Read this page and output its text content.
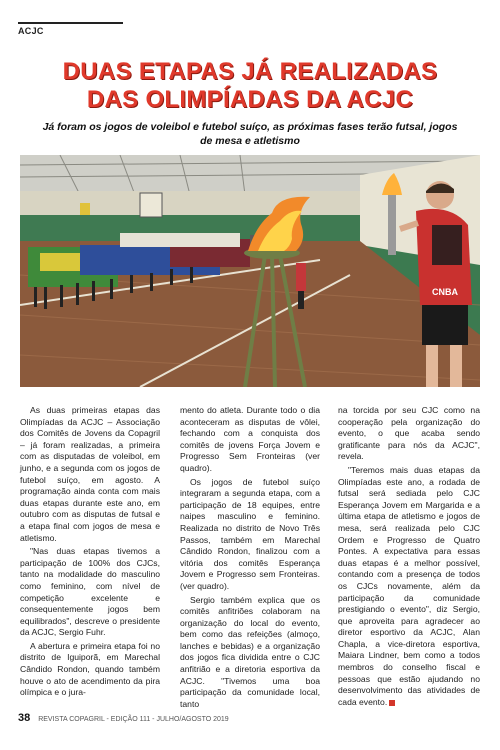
ACJC
DUAS ETAPAS JÁ REALIZADAS
DAS OLIMPÍADAS DA ACJC
Já foram os jogos de voleibol e futebol suíço, as próximas fases terão futsal, jogos de mesa e atletismo
CNBA

As duas primeiras etapas das Olimpíadas da ACJC – Associação dos Comitês de Jovens da Copagril – já foram realizadas, a primeira com as disputadas de voleibol, em junho, e a segunda com os jogos de futebol suíço, em agosto. A programação ainda conta com mais duas etapas durante este ano, em outubro com as disputas de futsal e a etapa final com jogos de mesa e atletismo.

"Nas duas etapas tivemos a participação de 100% dos CJCs, tanto na modalidade do masculino como feminino, com nível de competição excelente e consequentemente jogos bem equilibrados", descreve o presidente da ACJC, Sergio Fuhr.

A abertura e primeira etapa foi no distrito de Iguiporã, em Marechal Cândido Rondon, quando também houve o ato de acendimento da pira olímpica e o jura-

mento do atleta. Durante todo o dia aconteceram as disputas de vôlei, fechando com a conquista dos comitês de jovens Força Jovem e Progresso Sem Fronteiras (ver quadro).

Os jogos de futebol suíço integraram a segunda etapa, com a participação de 18 equipes, entre naipes masculino e feminino. Realizada no distrito de Novo Três Passos, também em Marechal Cândido Rondon, finalizou com a vitória dos comitês Esperança Jovem e Progresso sem Fronteiras. (ver quadro).

Sergio também explica que os comitês anfitriões colaboram na organização do local do evento, bem como das refeições (almoço, lanches e bebidas) e a organização dos jogos fica dividida entre o CJC anfitrião e a diretoria esportiva da ACJC. "Tivemos uma boa participação da comunidade local, tanto

na torcida por seu CJC como na cooperação pela organização do evento, o que acaba sendo gratificante para nós da ACJC", revela.

"Teremos mais duas etapas da Olimpíadas este ano, a rodada de futsal será sediada pelo CJC Esperança Jovem em Margarida e a última etapa de atletismo e jogos de mesa, será realizada pelo CJC Ordem e Progresso de Quatro Pontes. A expectativa para essas duas etapas é a melhor possível, contando com a presença de todos os CJCs novamente, além da participação da comunidade prestigiando o evento", diz Sergio, que aproveita para agradecer ao diretor esportivo da ACJC, Alan Chapla, a vice-diretora esportiva, Maiara Lindner, bem como a todos membros do conselho fiscal e pessoas que estão ajudando no desenvolvimento das atividades de cada evento.

38 REVISTA COPAGRIL - EDIÇÃO 111 - JULHO/AGOSTO 2019
